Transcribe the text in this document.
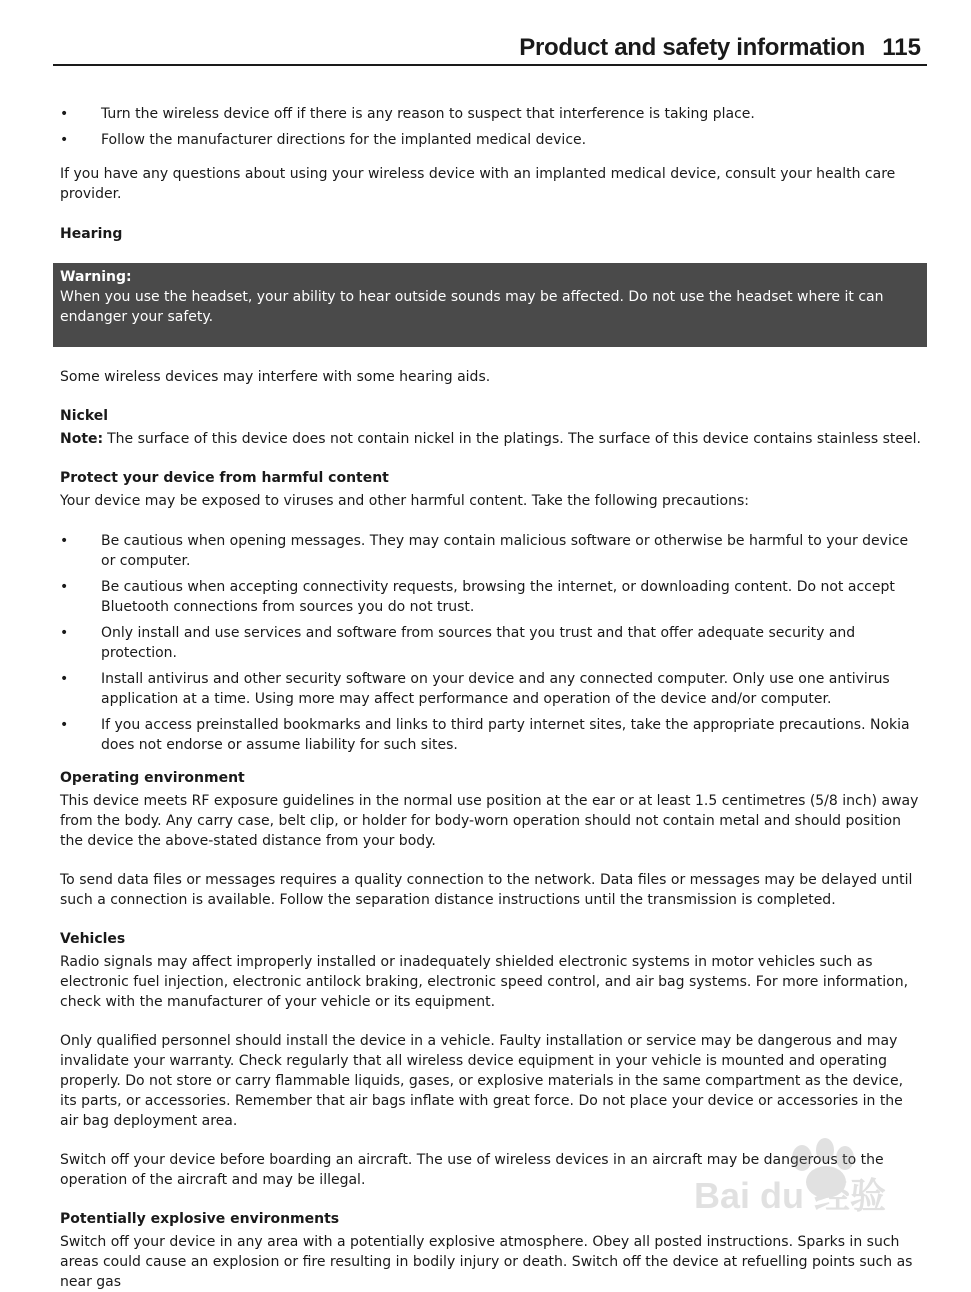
Product and safety information 115
• Turn the wireless device off if there is any reason to suspect that interference is taking place.
• Follow the manufacturer directions for the implanted medical device.

If you have any questions about using your wireless device with an implanted medical device, consult your health care provider.

Hearing

Warning:
When you use the headset, your ability to hear outside sounds may be affected. Do not use the headset where it can endanger your safety.

Some wireless devices may interfere with some hearing aids.

Nickel

Note: The surface of this device does not contain nickel in the platings. The surface of this device contains stainless steel.

Protect your device from harmful content

Your device may be exposed to viruses and other harmful content. Take the following precautions:

• Be cautious when opening messages. They may contain malicious software or otherwise be harmful to your device or computer.
• Be cautious when accepting connectivity requests, browsing the internet, or downloading content. Do not accept Bluetooth connections from sources you do not trust.
• Only install and use services and software from sources that you trust and that offer adequate security and protection.
• Install antivirus and other security software on your device and any connected computer. Only use one antivirus application at a time. Using more may affect performance and operation of the device and/or computer.
• If you access preinstalled bookmarks and links to third party internet sites, take the appropriate precautions. Nokia does not endorse or assume liability for such sites.

Operating environment

This device meets RF exposure guidelines in the normal use position at the ear or at least 1.5 centimetres (5/8 inch) away from the body. Any carry case, belt clip, or holder for body-worn operation should not contain metal and should position the device the above-stated distance from your body.

To send data files or messages requires a quality connection to the network. Data files or messages may be delayed until such a connection is available. Follow the separation distance instructions until the transmission is completed.

Vehicles

Radio signals may affect improperly installed or inadequately shielded electronic systems in motor vehicles such as electronic fuel injection, electronic antilock braking, electronic speed control, and air bag systems. For more information, check with the manufacturer of your vehicle or its equipment.

Only qualified personnel should install the device in a vehicle. Faulty installation or service may be dangerous and may invalidate your warranty. Check regularly that all wireless device equipment in your vehicle is mounted and operating properly. Do not store or carry flammable liquids, gases, or explosive materials in the same compartment as the device, its parts, or accessories. Remember that air bags inflate with great force. Do not place your device or accessories in the air bag deployment area.

Switch off your device before boarding an aircraft. The use of wireless devices in an aircraft may be dangerous to the operation of the aircraft and may be illegal.

Potentially explosive environments

Switch off your device in any area with a potentially explosive atmosphere. Obey all posted instructions. Sparks in such areas could cause an explosion or fire resulting in bodily injury or death. Switch off the device at refuelling points such as near gas

Bai du 经验
